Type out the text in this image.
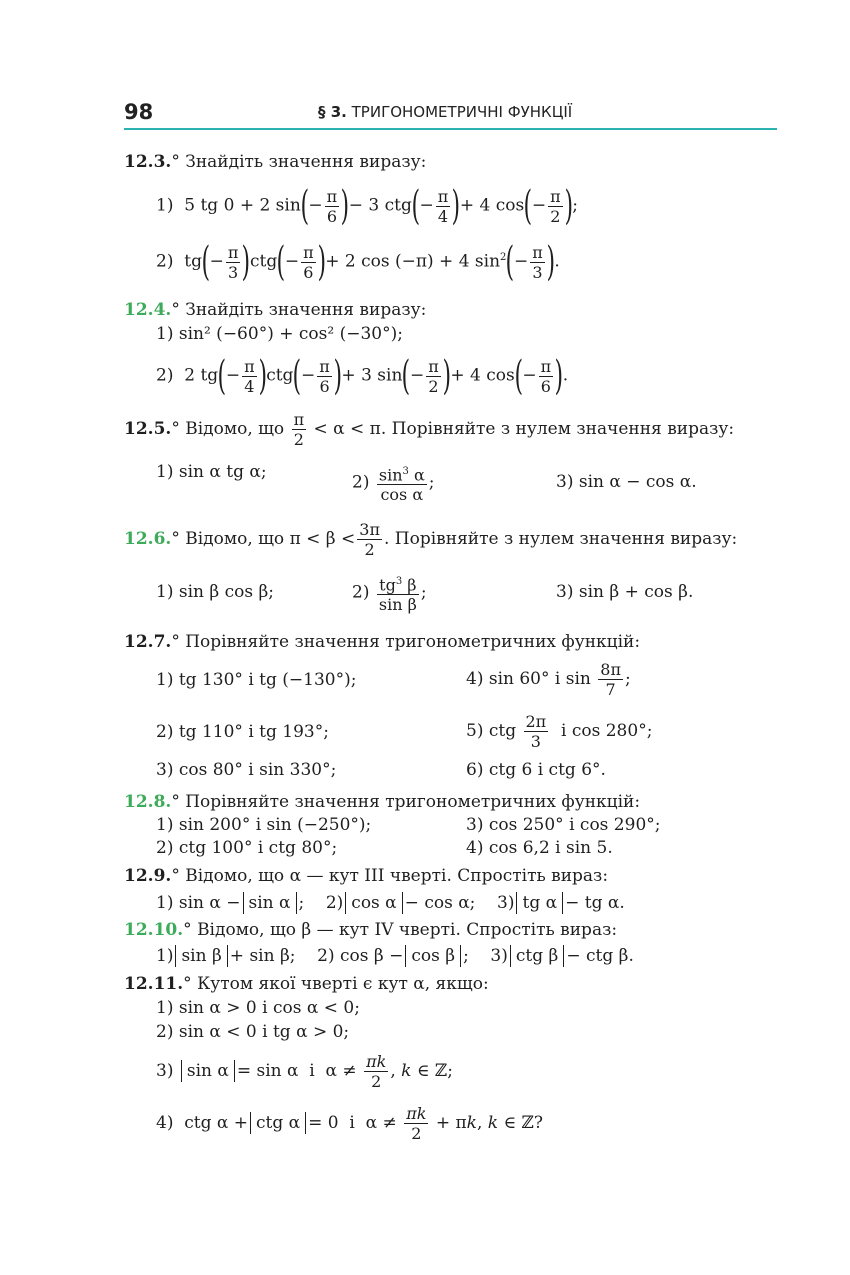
98	§ 3. ТРИГОНОМЕТРИЧНІ ФУНКЦІЇ
12.3.° Знайдіть значення виразу:
1)  5 tg 0 + 2 $\sin(- \frac{\pi}{6}$ )− 3 $ctg(- \frac{\pi}{4}$ )+ 4 $\cos(- \frac{\pi}{2}$ );
2)  $tg(- \frac{\pi}{3} )ctg(- \frac{\pi}{6}$ )+ 2 cos (−π) + 4 $\sin^2(- \frac{\pi}{3}$ ).
12.4.° Знайдіть значення виразу:
1) sin² (−60°) + cos² (−30°);
2)  2 $tg(- \frac{\pi}{4} )ctg(- \frac{\pi}{6}$ )+ 3 $\sin(- \frac{\pi}{2}$ )+ 4 $\cos(- \frac{\pi}{6}$ ).
12.5.° Відомо, що $\frac{\pi}{2} < \alpha < \pi$. Порівняйте з нулем значення виразу:
1) sin α tg α;
$2) \frac{\sin^3 \alpha}{\text{cos α}}$ ;	3) sin α − cos α.
12.6.° Відомо, що $\pi < \beta < \frac{3\pi}{2}$ . Порівняйте з нулем значення виразу:
1) sin β cos β;	$2) \frac{tg^3 \beta}{\text{sin β}}$ ;	3) sin β + cos β.
12.7.° Порівняйте значення тригонометричних функцій:
1) tg 130° і tg (−130°);	4) sin 60° і $\sin \frac{8\pi}{7}$ ;
2) tg 110° і tg 193°;	5) ctg $\frac{2\pi}{3}$ і cos 280°;
3) cos 80° і sin 330°;	6) ctg 6 і ctg 6°.
12.8.° Порівняйте значення тригонометричних функцій:
1) sin 200° і sin (−250°);	3) cos 250° і cos 290°;
2) ctg 100° і ctg 80°;	4) cos 6,2 і sin 5.
12.9.° Відомо, що α — кут III чверті. Спростіть вираз:
1) sin α − sin α ;    2) cos α − cos α;    3) tg α − tg α.
12.10.° Відомо, що β — кут IV чверті. Спростіть вираз:
1) sin β + sin β;    2) cos β − cos β ;    3) ctg β − ctg β.
12.11.° Кутом якої чверті є кут α, якщо:
1) sin α > 0 і cos α < 0;
2) sin α < 0 і tg α > 0;
3) sin α = sin α  і  $\alpha \ne \frac{\pi k}{2}$ , k ∈ ℤ;
4)  ctg α + ctg α = 0  і  $\alpha \ne \frac{\pi k}{2} + \pi k$, k ∈ ℤ?
